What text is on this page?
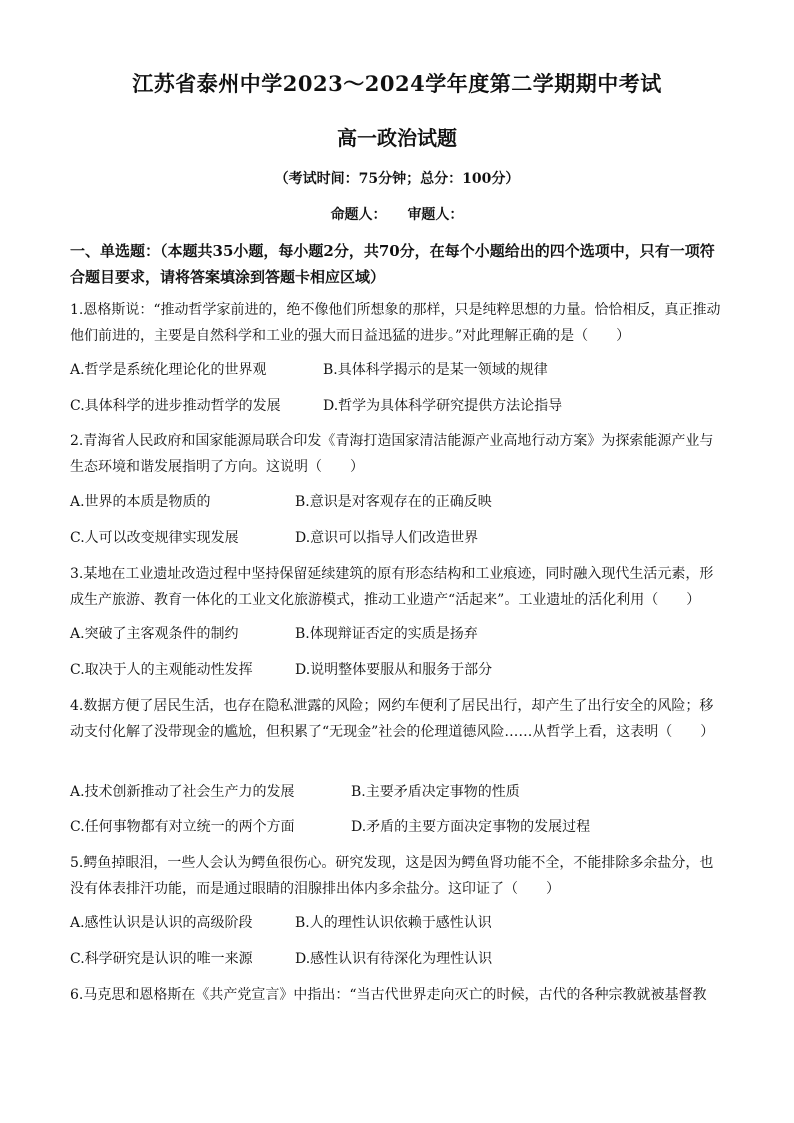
江苏省泰州中学2023～2024学年度第二学期期中考试
高一政治试题
（考试时间：75分钟；总分：100分）
命题人： 审题人：
一、单选题：（本题共35小题，每小题2分，共70分，在每个小题给出的四个选项中，只有一项符合题目要求，请将答案填涂到答题卡相应区域）
1.恩格斯说：“推动哲学家前进的，绝不像他们所想象的那样，只是纯粹思想的力量。恰恰相反，真正推动他们前进的，主要是自然科学和工业的强大而日益迅猛的进步。”对此理解正确的是（　　）
A.哲学是系统化理论化的世界观	B.具体科学揭示的是某一领域的规律
C.具体科学的进步推动哲学的发展	D.哲学为具体科学研究提供方法论指导
2.青海省人民政府和国家能源局联合印发《青海打造国家清洁能源产业高地行动方案》为探索能源产业与生态环境和谐发展指明了方向。这说明（　　）
A.世界的本质是物质的	B.意识是对客观存在的正确反映
C.人可以改变规律实现发展	D.意识可以指导人们改造世界
3.某地在工业遗址改造过程中坚持保留延续建筑的原有形态结构和工业痕迹，同时融入现代生活元素，形成生产旅游、教育一体化的工业文化旅游模式，推动工业遗产“活起来”。工业遗址的活化利用（　　）
A.突破了主客观条件的制约	B.体现辩证否定的实质是扬弃
C.取决于人的主观能动性发挥	D.说明整体要服从和服务于部分
4.数据方便了居民生活，也存在隐私泄露的风险；网约车便利了居民出行，却产生了出行安全的风险；移动支付化解了没带现金的尴尬，但积累了“无现金”社会的伦理道德风险……从哲学上看，这表明（　　）
A.技术创新推动了社会生产力的发展	B.主要矛盾决定事物的性质
C.任何事物都有对立统一的两个方面	D.矛盾的主要方面决定事物的发展过程
5.鳄鱼掉眼泪，一些人会认为鳄鱼很伤心。研究发现，这是因为鳄鱼肾功能不全，不能排除多余盐分，也没有体表排汗功能，而是通过眼睛的泪腺排出体内多余盐分。这印证了（　　）
A.感性认识是认识的高级阶段	B.人的理性认识依赖于感性认识
C.科学研究是认识的唯一来源	D.感性认识有待深化为理性认识
6.马克思和恩格斯在《共产党宣言》中指出：“当古代世界走向灭亡的时候，古代的各种宗教就被基督教
